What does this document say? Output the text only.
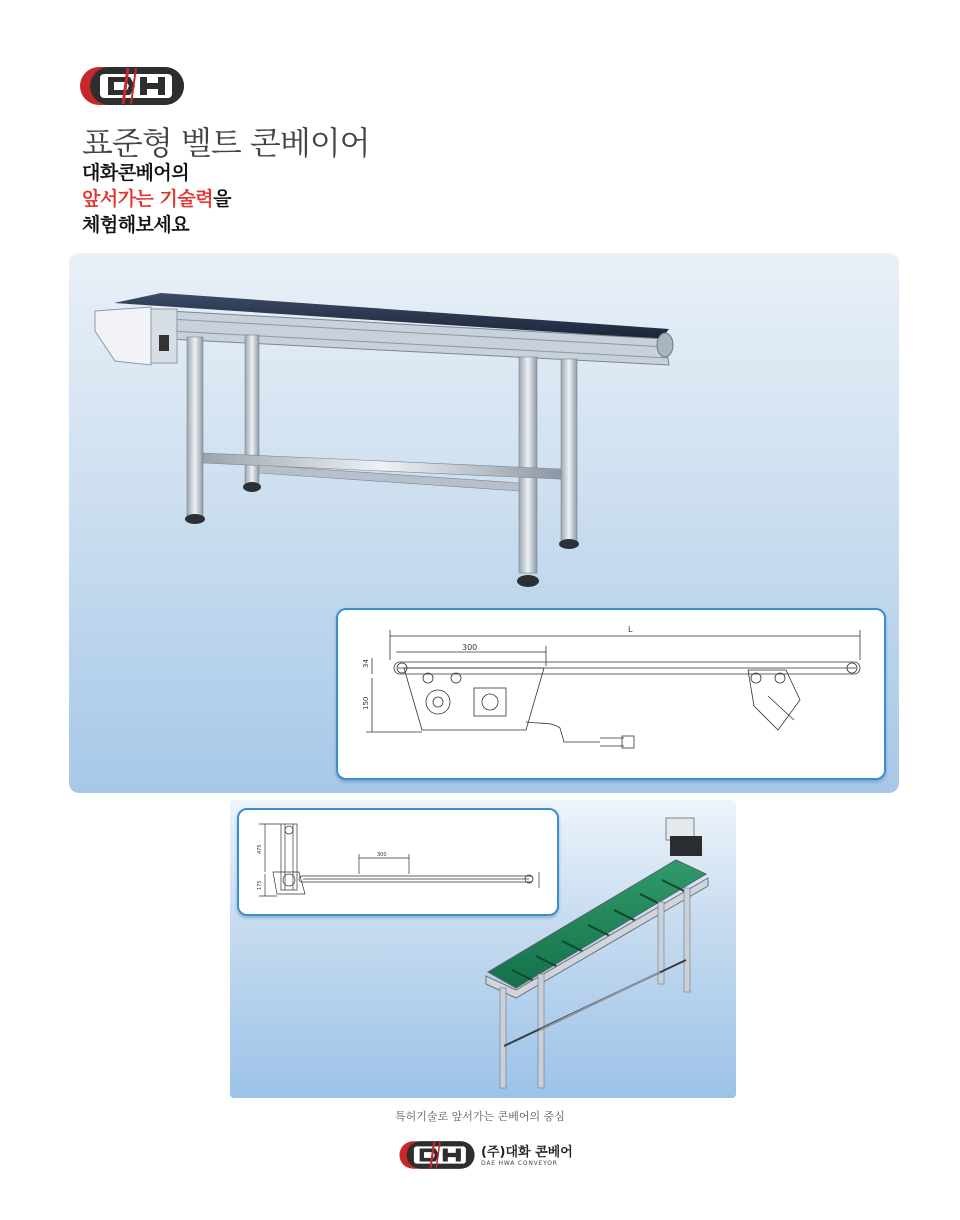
DH
표준형 벨트 콘베이어
대화콘베어의
앞서가는 기술력을
체험해보세요
L
300
34
150
300
475
175
특허기술로 앞서가는 콘베어의 중심
DH
(주)대화 콘베어
DAE HWA CONVEYOR
